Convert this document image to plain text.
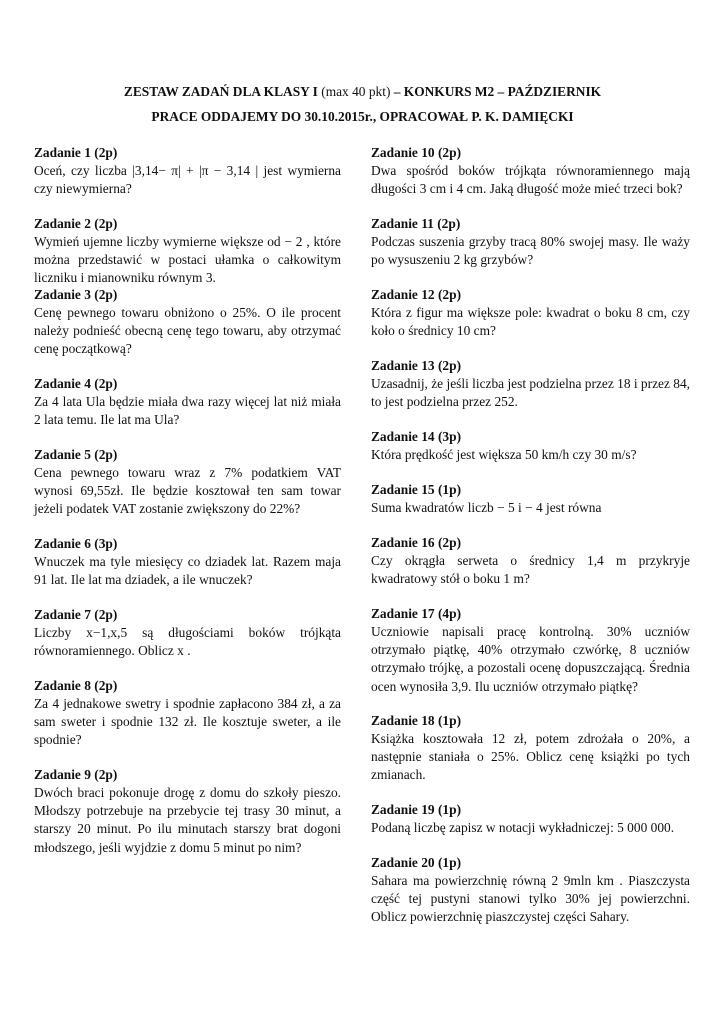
ZESTAW ZADAŃ DLA KLASY I (max 40 pkt) – KONKURS M2 – PAŹDZIERNIK
PRACE ODDAJEMY DO 30.10.2015r., OPRACOWAŁ P. K. DAMIĘCKI
Zadanie 1 (2p)
Oceń, czy liczba |3,14− π| + |π − 3,14 | jest wymierna
czy niewymierna?
Zadanie 2 (2p)
Wymień ujemne liczby wymierne większe od − 2 , które
można przedstawić w postaci ułamka o całkowitym
liczniku i mianowniku równym 3.
Zadanie 3 (2p)
Cenę pewnego towaru obniżono o 25%. O ile procent
należy podnieść obecną cenę tego towaru, aby otrzymać
cenę początkową?
Zadanie 4 (2p)
Za 4 lata Ula będzie miała dwa razy więcej lat niż miała
2 lata temu. Ile lat ma Ula?
Zadanie 5 (2p)
Cena pewnego towaru wraz z 7% podatkiem VAT
wynosi 69,55zł. Ile będzie kosztował ten sam towar
jeżeli podatek VAT zostanie zwiększony do 22%?
Zadanie 6 (3p)
Wnuczek ma tyle miesięcy co dziadek lat. Razem maja
91 lat. Ile lat ma dziadek, a ile wnuczek?
Zadanie 7 (2p)
Liczby x−1,x,5 są długościami boków trójkąta
równoramiennego. Oblicz x .
Zadanie 8 (2p)
Za 4 jednakowe swetry i spodnie zapłacono 384 zł, a za
sam sweter i spodnie 132 zł. Ile kosztuje sweter, a ile
spodnie?
Zadanie 9 (2p)
Dwóch braci pokonuje drogę z domu do szkoły pieszo.
Młodszy potrzebuje na przebycie tej trasy 30 minut, a
starszy 20 minut. Po ilu minutach starszy brat dogoni
młodszego, jeśli wyjdzie z domu 5 minut po nim?
Zadanie 10 (2p)
Dwa spośród boków trójkąta równoramiennego mają
długości 3 cm i 4 cm. Jaką długość może mieć trzeci bok?
Zadanie 11 (2p)
Podczas suszenia grzyby tracą 80% swojej masy. Ile waży
po wysuszeniu 2 kg grzybów?
Zadanie 12 (2p)
Która z figur ma większe pole: kwadrat o boku 8 cm, czy
koło o średnicy 10 cm?
Zadanie 13 (2p)
Uzasadnij, że jeśli liczba jest podzielna przez 18 i przez 84,
to jest podzielna przez 252.
Zadanie 14 (3p)
Która prędkość jest większa 50 km/h czy 30 m/s?
Zadanie 15 (1p)
Suma kwadratów liczb − 5 i − 4 jest równa
Zadanie 16 (2p)
Czy okrągła serweta o średnicy 1,4 m przykryje
kwadratowy stół o boku 1 m?
Zadanie 17 (4p)
Uczniowie napisali pracę kontrolną. 30% uczniów
otrzymało piątkę, 40% otrzymało czwórkę, 8 uczniów
otrzymało trójkę, a pozostali ocenę dopuszczającą. Średnia
ocen wynosiła 3,9. Ilu uczniów otrzymało piątkę?
Zadanie 18 (1p)
Książka kosztowała 12 zł, potem zdrożała o 20%, a
następnie staniała o 25%. Oblicz cenę książki po tych
zmianach.
Zadanie 19 (1p)
Podaną liczbę zapisz w notacji wykładniczej: 5 000 000.
Zadanie 20 (1p)
Sahara ma powierzchnię równą 2 9mln km . Piaszczysta
część tej pustyni stanowi tylko 30% jej powierzchni.
Oblicz powierzchnię piaszczystej części Sahary.
